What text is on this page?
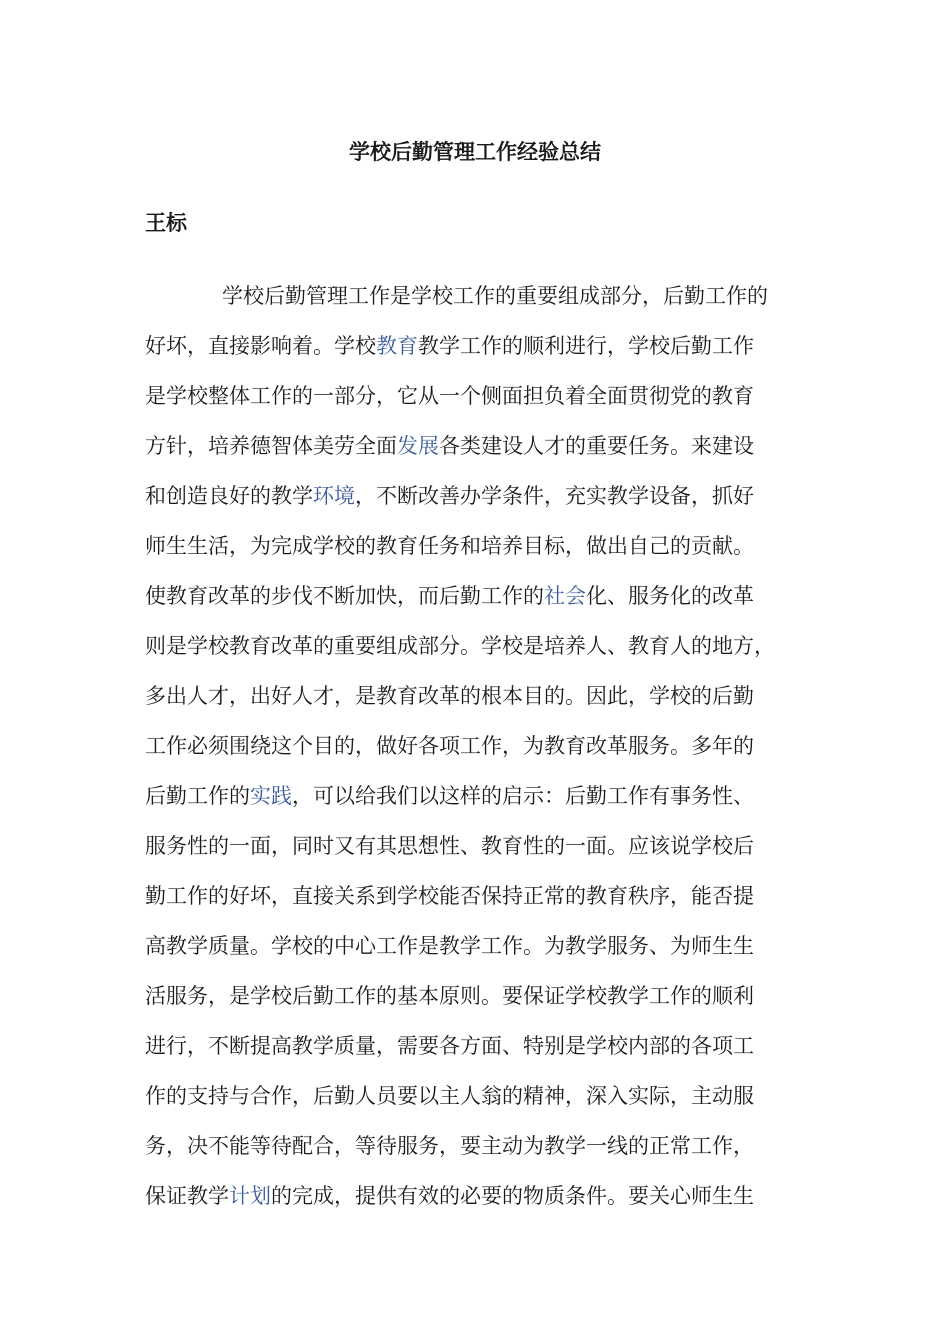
学校后勤管理工作经验总结
王标
学校后勤管理工作是学校工作的重要组成部分，后勤工作的
好坏，直接影响着。学校教育教学工作的顺利进行，学校后勤工作
是学校整体工作的一部分，它从一个侧面担负着全面贯彻党的教育
方针，培养德智体美劳全面发展各类建设人才的重要任务。来建设
和创造良好的教学环境，不断改善办学条件，充实教学设备，抓好
师生生活，为完成学校的教育任务和培养目标，做出自己的贡献。
使教育改革的步伐不断加快，而后勤工作的社会化、服务化的改革
则是学校教育改革的重要组成部分。学校是培养人、教育人的地方，
多出人才，出好人才，是教育改革的根本目的。因此，学校的后勤
工作必须围绕这个目的，做好各项工作，为教育改革服务。多年的
后勤工作的实践，可以给我们以这样的启示：后勤工作有事务性、
服务性的一面，同时又有其思想性、教育性的一面。应该说学校后
勤工作的好坏，直接关系到学校能否保持正常的教育秩序，能否提
高教学质量。学校的中心工作是教学工作。为教学服务、为师生生
活服务，是学校后勤工作的基本原则。要保证学校教学工作的顺利
进行，不断提高教学质量，需要各方面、特别是学校内部的各项工
作的支持与合作，后勤人员要以主人翁的精神，深入实际，主动服
务，决不能等待配合，等待服务，要主动为教学一线的正常工作，
保证教学计划的完成，提供有效的必要的物质条件。要关心师生生
